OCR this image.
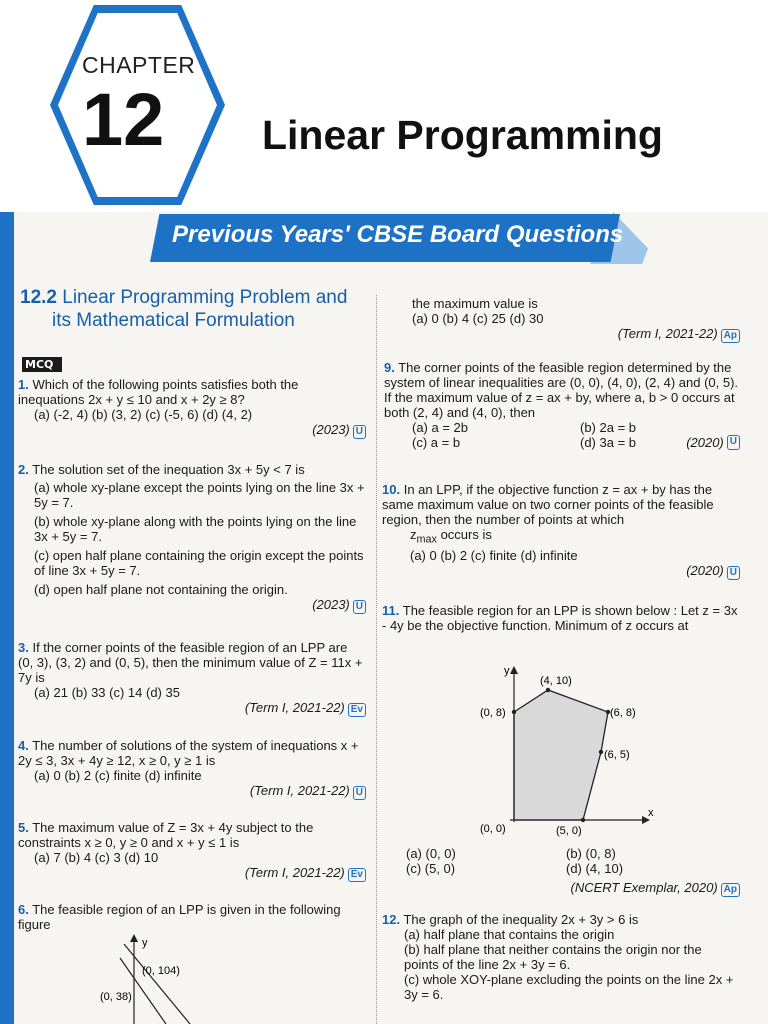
CHAPTER
12	Linear Programming
Previous Years' CBSE Board Questions
12.2 Linear Programming Problem and
its Mathematical Formulation
MCQ
1. Which of the following points satisfies both the inequations 2x + y ≤ 10 and x + 2y ≥ 8?
(a) (-2, 4) (b) (3, 2) (c) (-5, 6) (d) (4, 2)
(2023) U
2. The solution set of the inequation 3x + 5y < 7 is
(a) whole xy-plane except the points lying on the line 3x + 5y = 7.
(b) whole xy-plane along with the points lying on the line 3x + 5y = 7.
(c) open half plane containing the origin except the points of line 3x + 5y = 7.
(d) open half plane not containing the origin.
(2023) U
3. If the corner points of the feasible region of an LPP are (0, 3), (3, 2) and (0, 5), then the minimum value of Z = 11x + 7y is
(a) 21 (b) 33 (c) 14 (d) 35
(Term I, 2021-22) Ev
4. The number of solutions of the system of inequations x + 2y ≤ 3, 3x + 4y ≥ 12, x ≥ 0, y ≥ 1 is
(a) 0 (b) 2 (c) finite (d) infinite
(Term I, 2021-22) U
5. The maximum value of Z = 3x + 4y subject to the constraints x ≥ 0, y ≥ 0 and x + y ≤ 1 is
(a) 7 (b) 4 (c) 3 (d) 10
(Term I, 2021-22) Ev
6. The feasible region of an LPP is given in the following figure
y
(0, 104)
(0, 38)
the maximum value is
(a) 0 (b) 4 (c) 25 (d) 30
(Term I, 2021-22) Ap
9. The corner points of the feasible region determined by the system of linear inequalities are (0, 0), (4, 0), (2, 4) and (0, 5). If the maximum value of z = ax + by, where a, b > 0 occurs at both (2, 4) and (4, 0), then
(a) a = 2b	(b) 2a = b
(c) a = b	(d) 3a = b	(2020) U
10. In an LPP, if the objective function z = ax + by has the same maximum value on two corner points of the feasible region, then the number of points at which
$z_{max}$ occurs is
(a) 0 (b) 2 (c) finite (d) infinite
(2020) U
11. The feasible region for an LPP is shown below : Let z = 3x - 4y be the objective function. Minimum of z occurs at
y
x
(4, 10)
(0, 8)	(6, 8)
(6, 5)
(0, 0)	(5, 0)
(a) (0, 0)	(b) (0, 8)
(c) (5, 0)	(d) (4, 10)
(NCERT Exemplar, 2020) Ap
12. The graph of the inequality 2x + 3y > 6 is
(a) half plane that contains the origin
(b) half plane that neither contains the origin nor the points of the line 2x + 3y = 6.
(c) whole XOY-plane excluding the points on the line 2x + 3y = 6.
